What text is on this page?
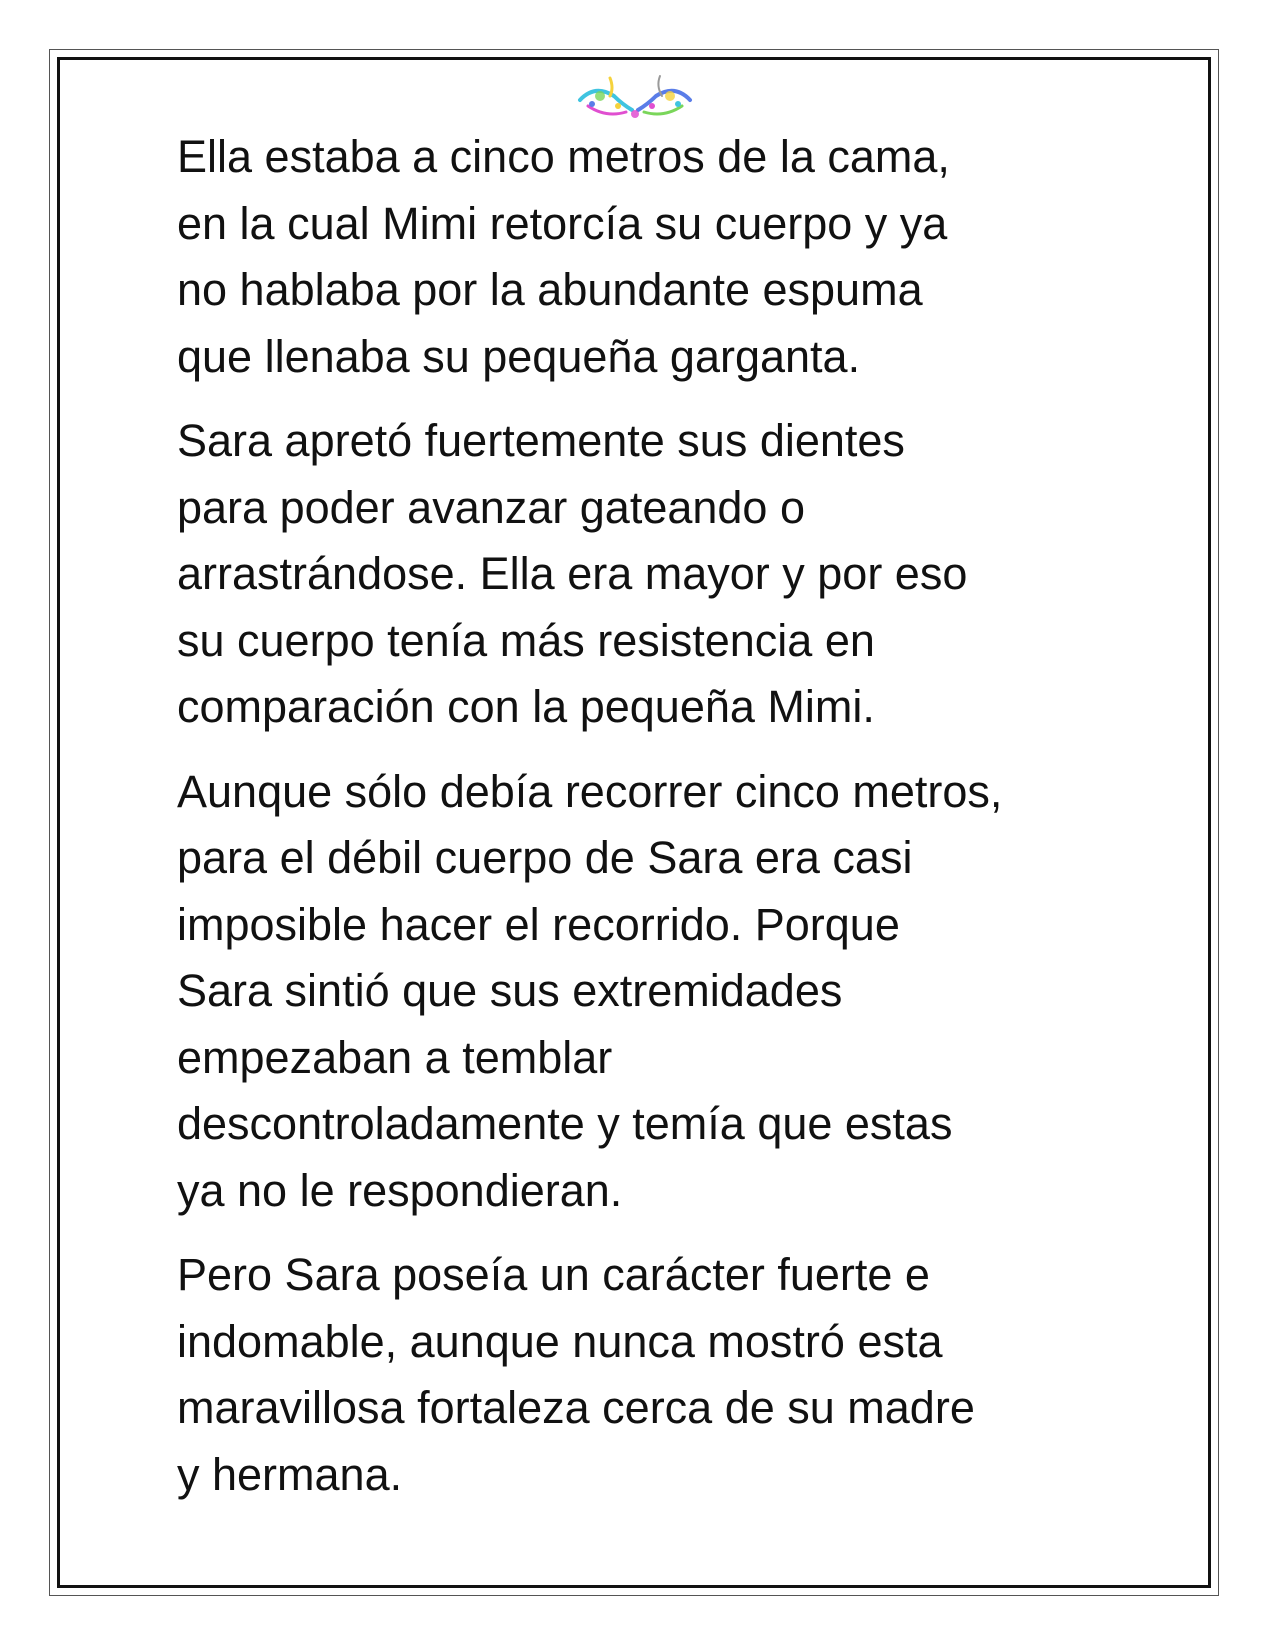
Ella estaba a cinco metros de la cama,
en la cual Mimi retorcía su cuerpo y ya
no hablaba por la abundante espuma
que llenaba su pequeña garganta.

Sara apretó fuertemente sus dientes
para poder avanzar gateando o
arrastrándose. Ella era mayor y por eso
su cuerpo tenía más resistencia en
comparación con la pequeña Mimi.

Aunque sólo debía recorrer cinco metros,
para el débil cuerpo de Sara era casi
imposible hacer el recorrido. Porque
Sara sintió que sus extremidades
empezaban a temblar
descontroladamente y temía que estas
ya no le respondieran.

Pero Sara poseía un carácter fuerte e
indomable, aunque nunca mostró esta
maravillosa fortaleza cerca de su madre
y hermana.
